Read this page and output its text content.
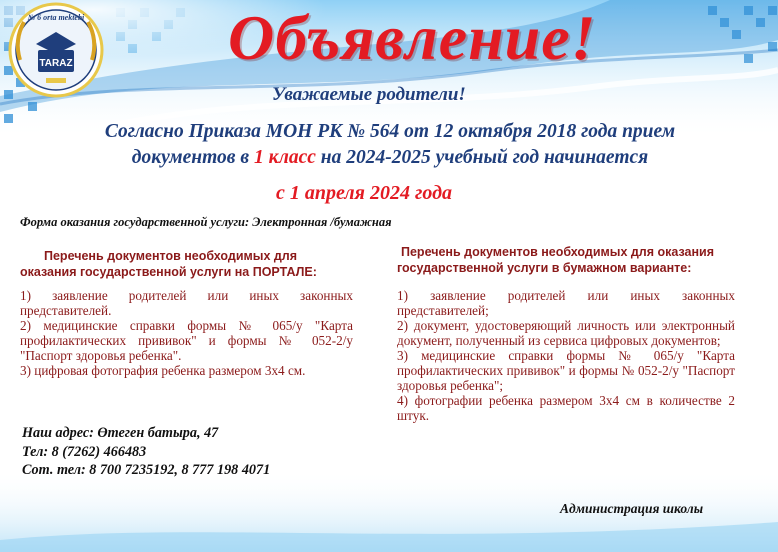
TARAZ
№ 6 orta mektebi Объявление!
Уважаемые родители!
Согласно Приказа МОН РК № 564 от 12 октября 2018 года прием
документов в 1 класс на 2024-2025 учебный год начинается
с 1 апреля 2024 года
Форма оказания государственной услуги: Электронная /бумажная
Перечень документов необходимых для оказания государственной услуги на ПОРТАЛЕ:
1) заявление родителей или иных законных представителей.
2) медицинские справки формы № 065/у "Карта профилактических прививок" и формы № 052-2/у "Паспорт здоровья ребенка".
3) цифровая фотография ребенка размером 3х4 см.
Перечень документов необходимых для оказания государственной услуги в бумажном варианте:
1) заявление родителей или иных законных представителей;
2) документ, удостоверяющий личность или электронный документ, полученный из сервиса цифровых документов;
3) медицинские справки формы № 065/у "Карта профилактических прививок" и формы № 052-2/у "Паспорт здоровья ребенка";
4) фотографии ребенка размером 3х4 см в количестве 2 штук.
Наш адрес: Өтеген батыра, 47
Тел: 8 (7262) 466483
Сот. тел: 8 700 7235192, 8 777 198 4071
Администрация школы
